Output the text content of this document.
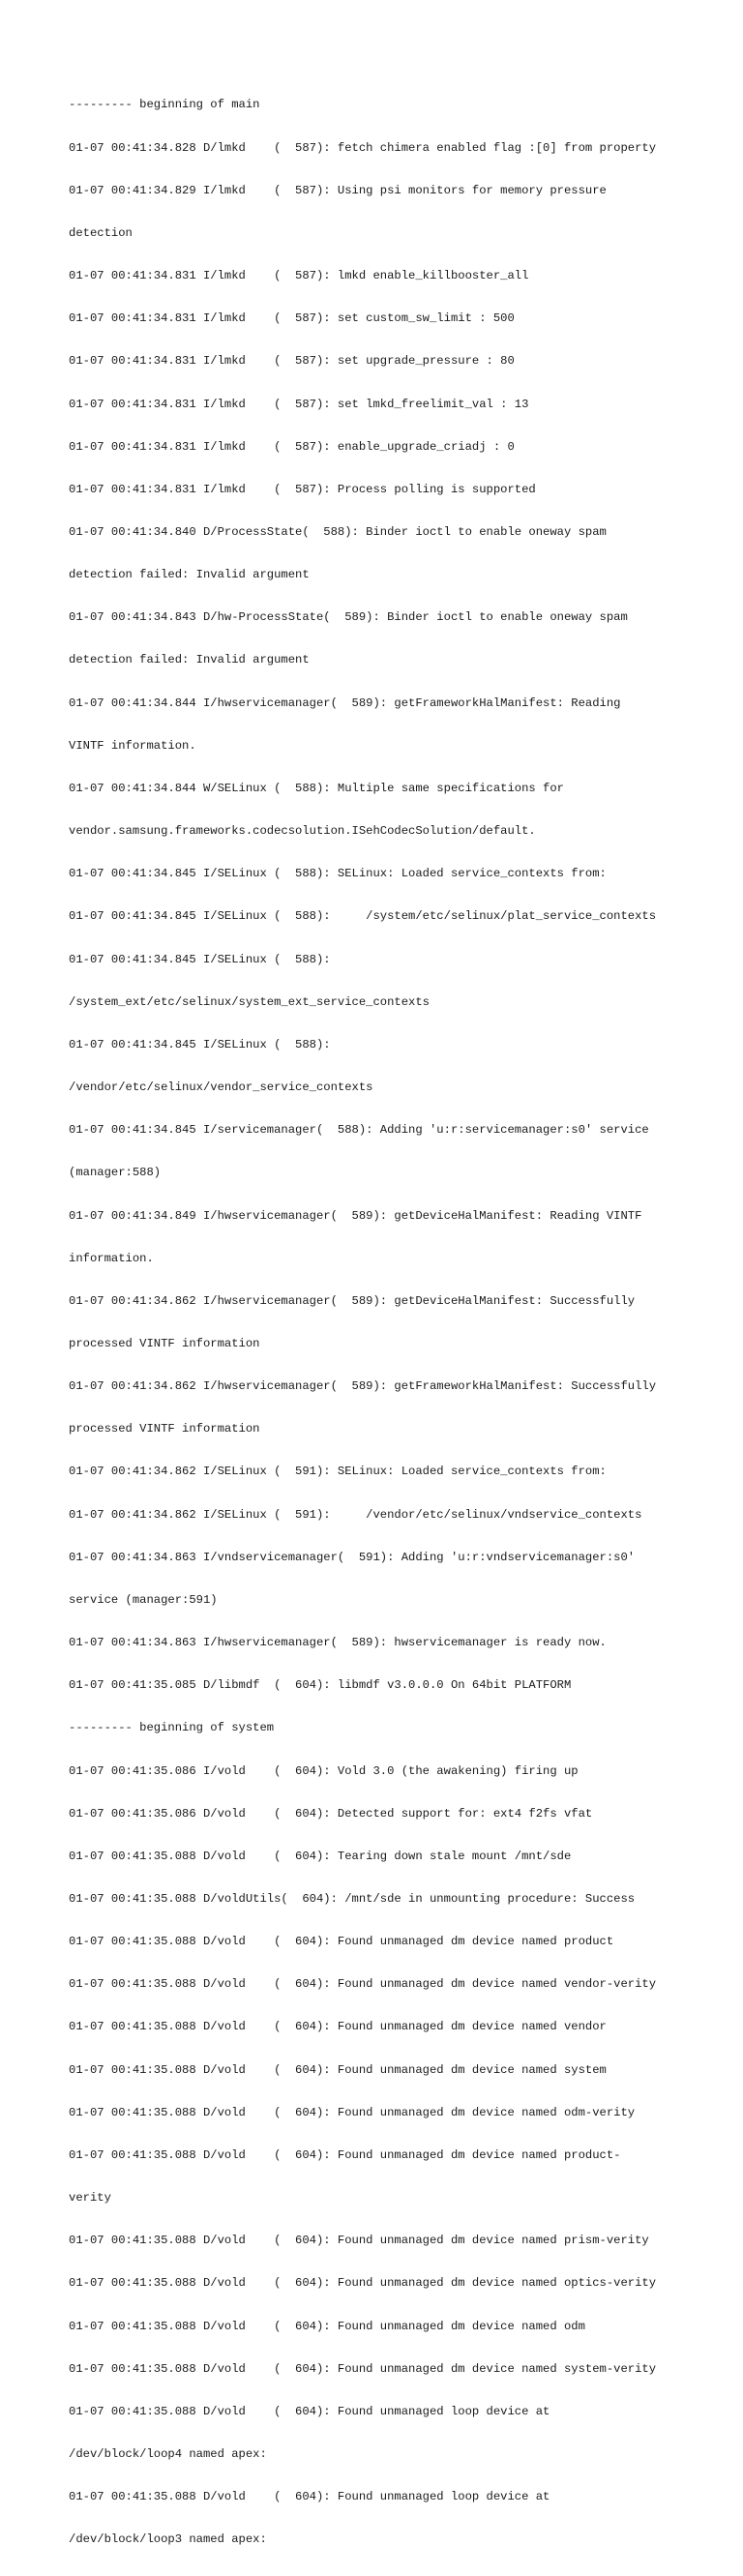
--------- beginning of main

01-07 00:41:34.828 D/lmkd    (  587): fetch chimera enabled flag :[0] from property

01-07 00:41:34.829 I/lmkd    (  587): Using psi monitors for memory pressure

detection

01-07 00:41:34.831 I/lmkd    (  587): lmkd enable_killbooster_all

01-07 00:41:34.831 I/lmkd    (  587): set custom_sw_limit : 500

01-07 00:41:34.831 I/lmkd    (  587): set upgrade_pressure : 80

01-07 00:41:34.831 I/lmkd    (  587): set lmkd_freelimit_val : 13

01-07 00:41:34.831 I/lmkd    (  587): enable_upgrade_criadj : 0

01-07 00:41:34.831 I/lmkd    (  587): Process polling is supported

01-07 00:41:34.840 D/ProcessState(  588): Binder ioctl to enable oneway spam

detection failed: Invalid argument

01-07 00:41:34.843 D/hw-ProcessState(  589): Binder ioctl to enable oneway spam

detection failed: Invalid argument

01-07 00:41:34.844 I/hwservicemanager(  589): getFrameworkHalManifest: Reading

VINTF information.

01-07 00:41:34.844 W/SELinux (  588): Multiple same specifications for

vendor.samsung.frameworks.codecsolution.ISehCodecSolution/default.

01-07 00:41:34.845 I/SELinux (  588): SELinux: Loaded service_contexts from:

01-07 00:41:34.845 I/SELinux (  588):     /system/etc/selinux/plat_service_contexts

01-07 00:41:34.845 I/SELinux (  588):

/system_ext/etc/selinux/system_ext_service_contexts

01-07 00:41:34.845 I/SELinux (  588):

/vendor/etc/selinux/vendor_service_contexts

01-07 00:41:34.845 I/servicemanager(  588): Adding 'u:r:servicemanager:s0' service

(manager:588)

01-07 00:41:34.849 I/hwservicemanager(  589): getDeviceHalManifest: Reading VINTF

information.

01-07 00:41:34.862 I/hwservicemanager(  589): getDeviceHalManifest: Successfully

processed VINTF information

01-07 00:41:34.862 I/hwservicemanager(  589): getFrameworkHalManifest: Successfully

processed VINTF information

01-07 00:41:34.862 I/SELinux (  591): SELinux: Loaded service_contexts from:

01-07 00:41:34.862 I/SELinux (  591):     /vendor/etc/selinux/vndservice_contexts

01-07 00:41:34.863 I/vndservicemanager(  591): Adding 'u:r:vndservicemanager:s0'

service (manager:591)

01-07 00:41:34.863 I/hwservicemanager(  589): hwservicemanager is ready now.

01-07 00:41:35.085 D/libmdf  (  604): libmdf v3.0.0.0 On 64bit PLATFORM

--------- beginning of system

01-07 00:41:35.086 I/vold    (  604): Vold 3.0 (the awakening) firing up

01-07 00:41:35.086 D/vold    (  604): Detected support for: ext4 f2fs vfat

01-07 00:41:35.088 D/vold    (  604): Tearing down stale mount /mnt/sde

01-07 00:41:35.088 D/voldUtils(  604): /mnt/sde in unmounting procedure: Success

01-07 00:41:35.088 D/vold    (  604): Found unmanaged dm device named product

01-07 00:41:35.088 D/vold    (  604): Found unmanaged dm device named vendor-verity

01-07 00:41:35.088 D/vold    (  604): Found unmanaged dm device named vendor

01-07 00:41:35.088 D/vold    (  604): Found unmanaged dm device named system

01-07 00:41:35.088 D/vold    (  604): Found unmanaged dm device named odm-verity

01-07 00:41:35.088 D/vold    (  604): Found unmanaged dm device named product-

verity

01-07 00:41:35.088 D/vold    (  604): Found unmanaged dm device named prism-verity

01-07 00:41:35.088 D/vold    (  604): Found unmanaged dm device named optics-verity

01-07 00:41:35.088 D/vold    (  604): Found unmanaged dm device named odm

01-07 00:41:35.088 D/vold    (  604): Found unmanaged dm device named system-verity

01-07 00:41:35.088 D/vold    (  604): Found unmanaged loop device at

/dev/block/loop4 named apex:

01-07 00:41:35.088 D/vold    (  604): Found unmanaged loop device at

/dev/block/loop3 named apex:
